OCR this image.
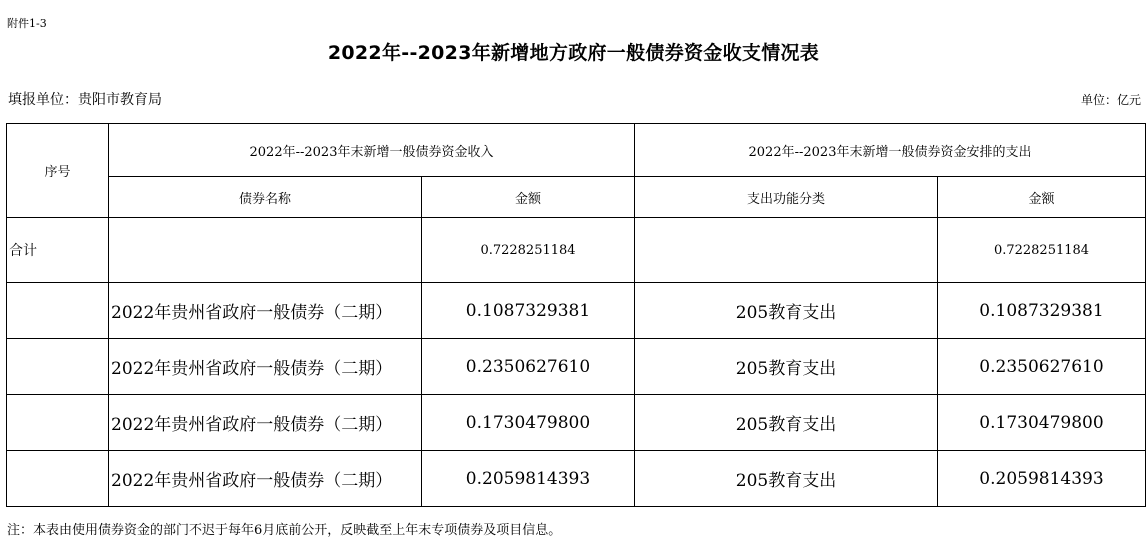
附件1-3
2022年--2023年新增地方政府一般债券资金收支情况表
填报单位：贵阳市教育局	单位：亿元
序号	2022年--2023年末新增一般债券资金收入		2022年--2023年末新增一般债券资金安排的支出	
	债券名称	金额	支出功能分类	金额
合计		0.7228251184		0.7228251184
	2022年贵州省政府一般债券（二期）	0.1087329381	205教育支出	0.1087329381
	2022年贵州省政府一般债券（二期）	0.2350627610	205教育支出	0.2350627610
	2022年贵州省政府一般债券（二期）	0.1730479800	205教育支出	0.1730479800
	2022年贵州省政府一般债券（二期）	0.2059814393	205教育支出	0.2059814393
注：本表由使用债券资金的部门不迟于每年6月底前公开，反映截至上年末专项债券及项目信息。
